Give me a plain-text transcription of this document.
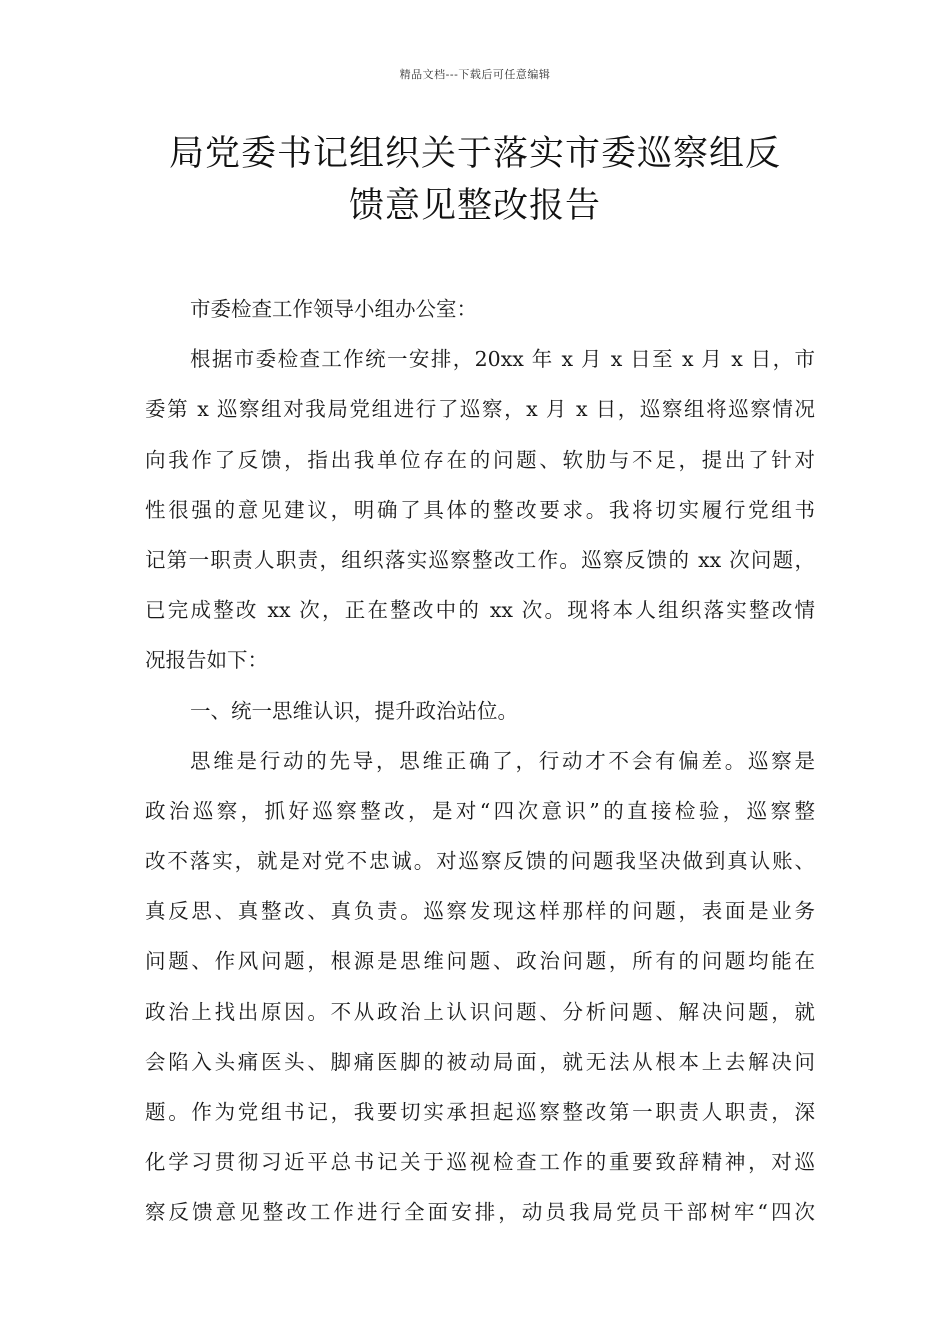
精品文档---下载后可任意编辑
局党委书记组织关于落实市委巡察组反
馈意见整改报告
市委检查工作领导小组办公室：
根据市委检查工作统一安排，20xx 年 x 月 x 日至 x 月 x 日，市
委第 x 巡察组对我局党组进行了巡察，x 月 x 日，巡察组将巡察情况
向我作了反馈，指出我单位存在的问题、软肋与不足，提出了针对
性很强的意见建议，明确了具体的整改要求。我将切实履行党组书
记第一职责人职责，组织落实巡察整改工作。巡察反馈的 xx 次问题，
已完成整改 xx 次，正在整改中的 xx 次。现将本人组织落实整改情
况报告如下：
一、统一思维认识，提升政治站位。
思维是行动的先导，思维正确了，行动才不会有偏差。巡察是
政治巡察，抓好巡察整改，是对“四次意识”的直接检验，巡察整
改不落实，就是对党不忠诚。对巡察反馈的问题我坚决做到真认账、
真反思、真整改、真负责。巡察发现这样那样的问题，表面是业务
问题、作风问题，根源是思维问题、政治问题，所有的问题均能在
政治上找出原因。不从政治上认识问题、分析问题、解决问题，就
会陷入头痛医头、脚痛医脚的被动局面，就无法从根本上去解决问
题。作为党组书记，我要切实承担起巡察整改第一职责人职责，深
化学习贯彻习近平总书记关于巡视检查工作的重要致辞精神，对巡
察反馈意见整改工作进行全面安排，动员我局党员干部树牢“四次
